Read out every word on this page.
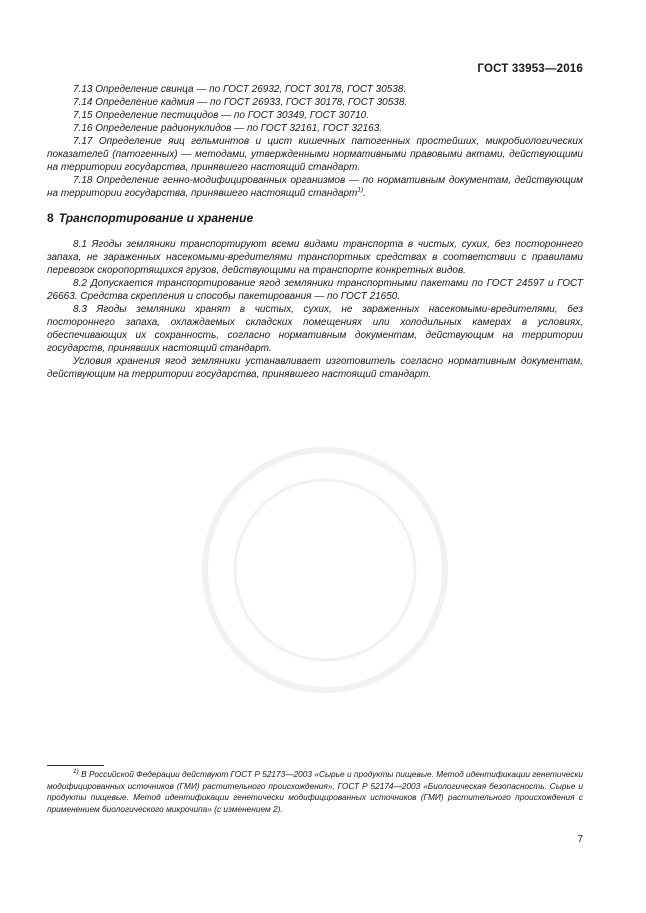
ГОСТ 33953—2016

7.13 Определение свинца — по ГОСТ 26932, ГОСТ 30178, ГОСТ 30538.

7.14 Определение кадмия — по ГОСТ 26933, ГОСТ 30178, ГОСТ 30538.

7.15 Определение пестицидов — по ГОСТ 30349, ГОСТ 30710.

7.16 Определение радионуклидов — по ГОСТ 32161, ГОСТ 32163.

7.17 Определение яиц гельминтов и цист кишечных патогенных простейших, микробиологических показателей (патогенных) — методами, утвержденными нормативными правовыми актами, действующими на территории государства, принявшего настоящий стандарт.

7.18 Определение генно-модифицированных организмов — по нормативным документам, действующим на территории государства, принявшего настоящий стандарт$^{1)}$.

8 Транспортирование и хранение

8.1 Ягоды земляники транспортируют всеми видами транспорта в чистых, сухих, без постороннего запаха, не зараженных насекомыми-вредителями транспортных средствах в соответствии с правилами перевозок скоропортящихся грузов, действующими на транспорте конкретных видов.

8.2 Допускается транспортирование ягод земляники транспортными пакетами по ГОСТ 24597 и ГОСТ 26663. Средства скрепления и способы пакетирования — по ГОСТ 21650.

8.3 Ягоды земляники хранят в чистых, сухих, не зараженных насекомыми-вредителями, без постороннего запаха, охлаждаемых складских помещениях или холодильных камерах в условиях, обеспечивающих их сохранность, согласно нормативным документам, действующим на территории государств, принявших настоящий стандарт.

Условия хранения ягод земляники устанавливает изготовитель согласно нормативным документам, действующим на территории государства, принявшего настоящий стандарт.

$^{1)}$ В Российской Федерации действуют ГОСТ Р 52173—2003 «Сырье и продукты пищевые. Метод идентификации генетически модифицированных источников (ГМИ) растительного происхождения», ГОСТ Р 52174—2003 «Биологическая безопасность. Сырье и продукты пищевые. Метод идентификации генетически модифицированных источников (ГМИ) растительного происхождения с применением биологического микрочипа» (с изменением 2).

7
